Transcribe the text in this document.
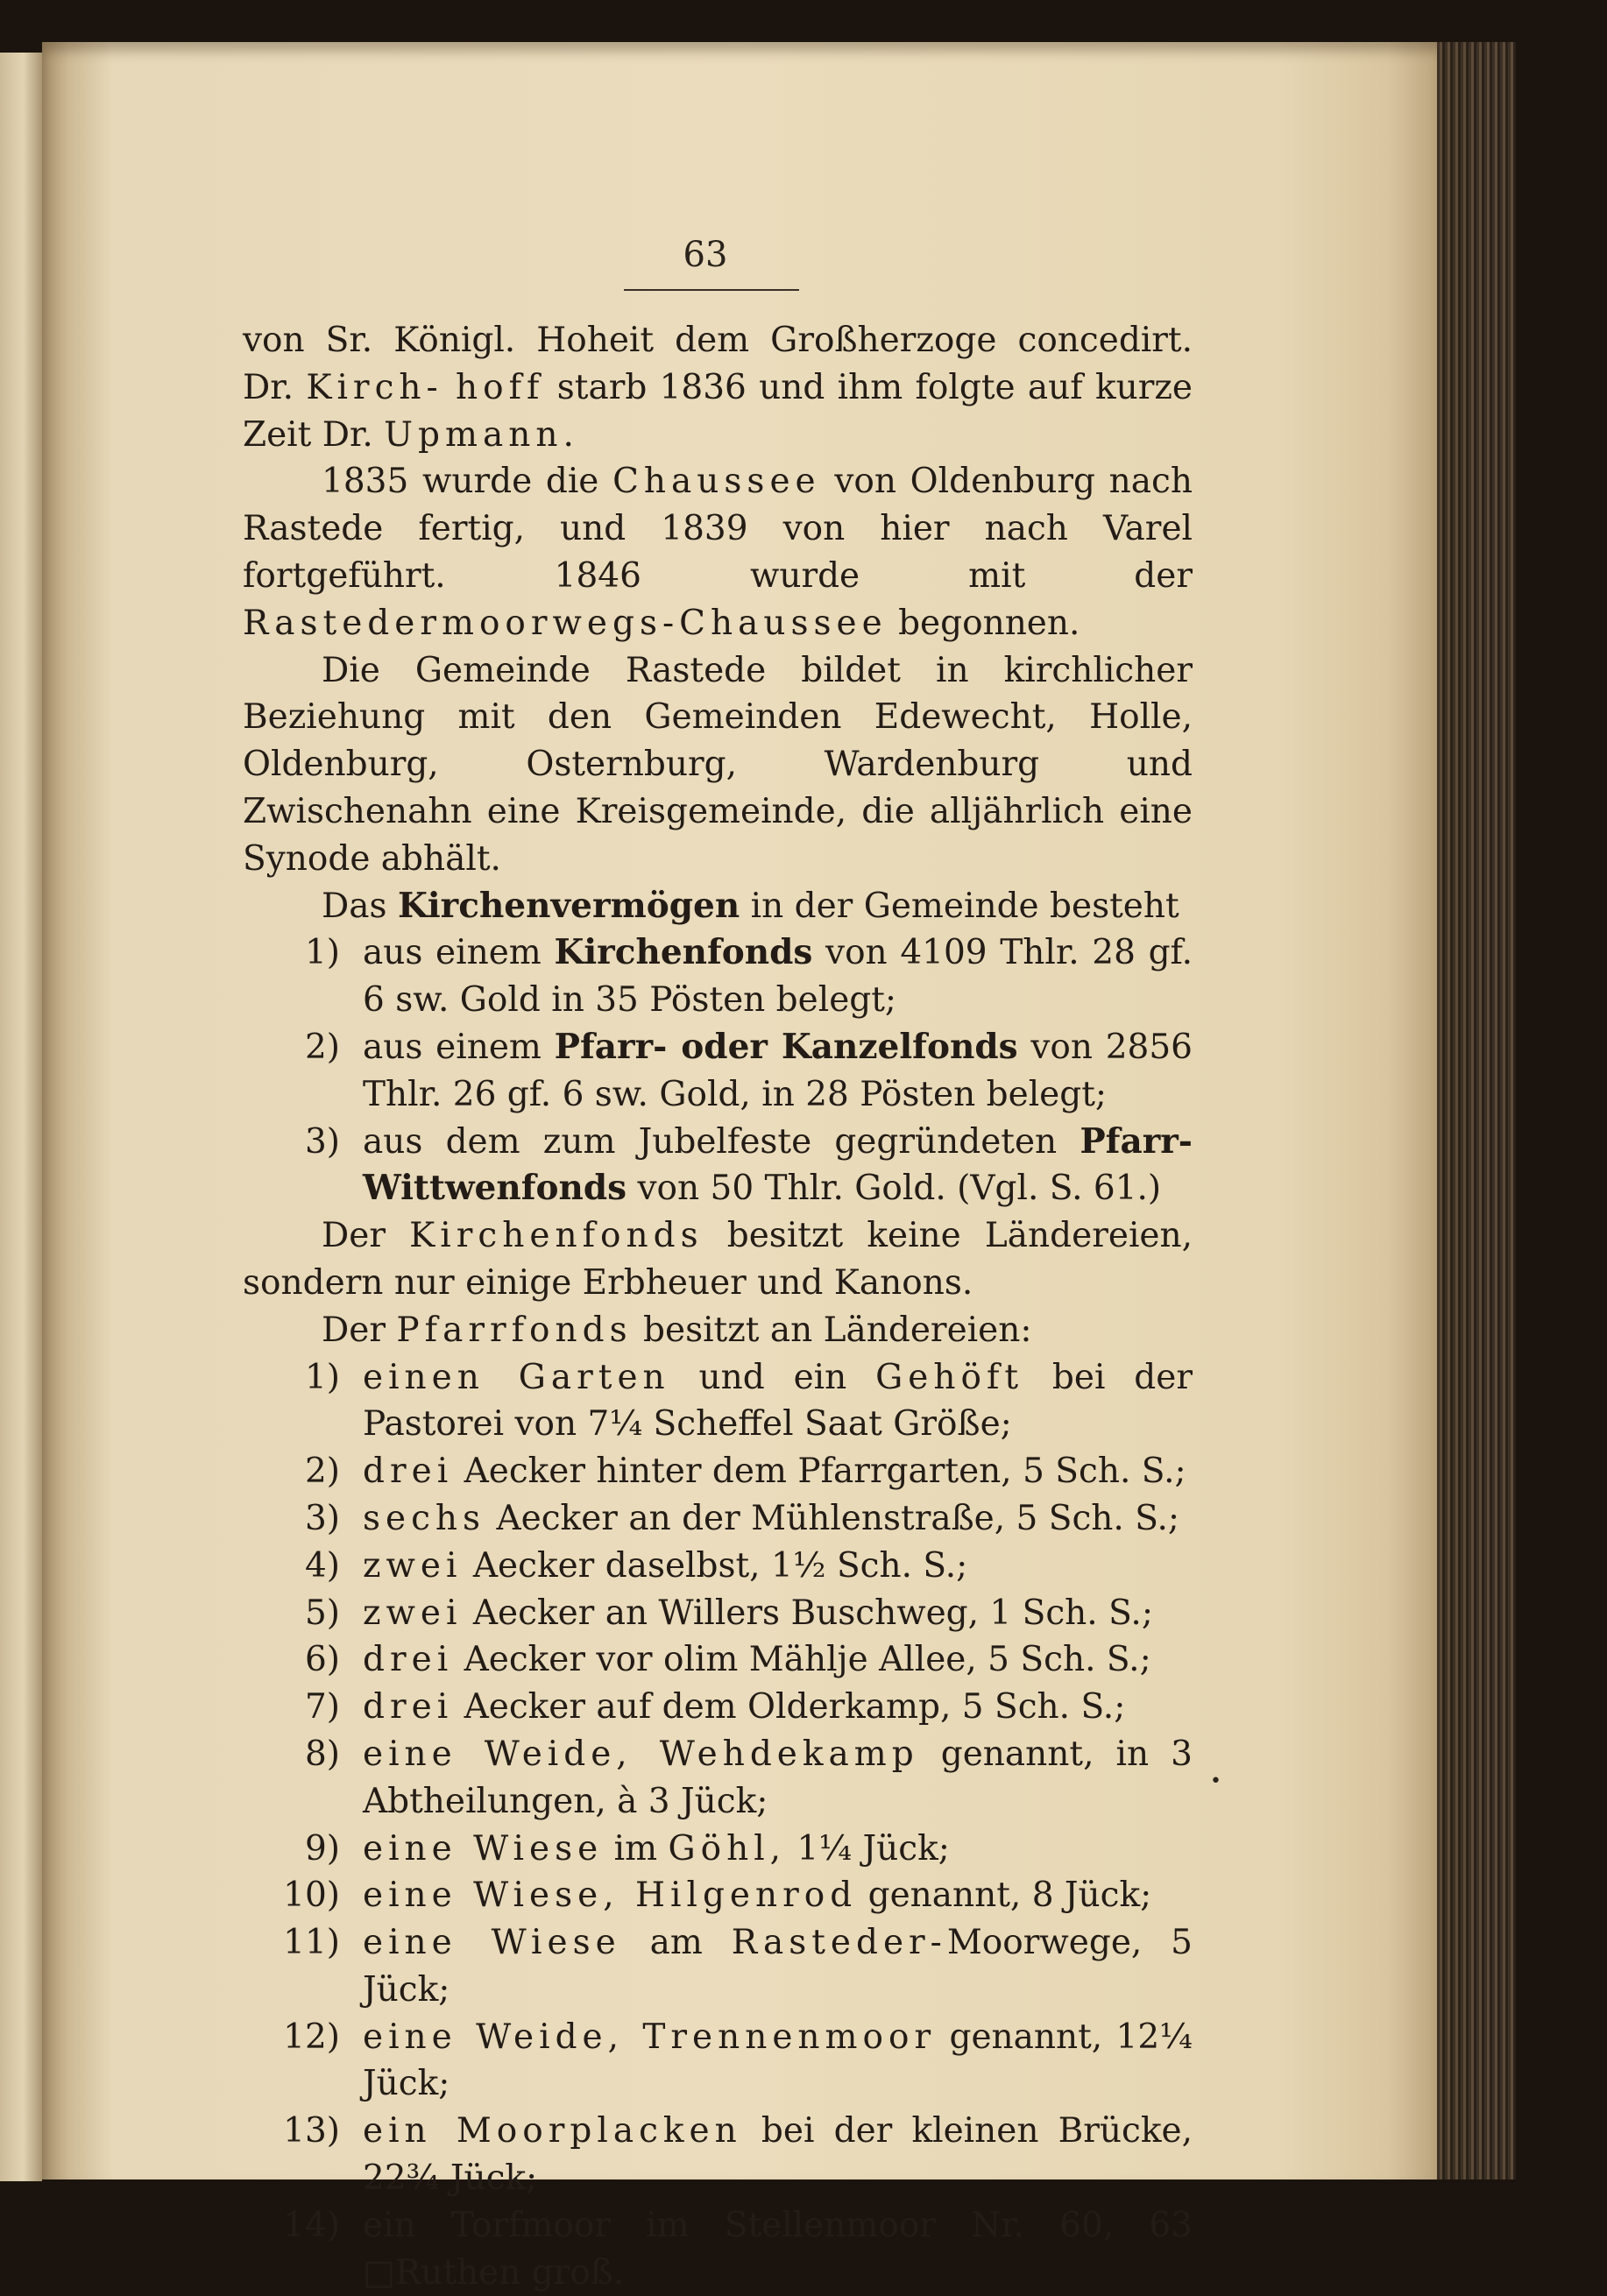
63

von Sr. Königl. Hoheit dem Großherzoge concedirt. Dr. Kirch- hoff starb 1836 und ihm folgte auf kurze Zeit Dr. Upmann.

1835 wurde die Chaussee von Oldenburg nach Rastede fertig, und 1839 von hier nach Varel fortgeführt. 1846 wurde mit der Rastedermoorwegs-Chaussee begonnen.

Die Gemeinde Rastede bildet in kirchlicher Beziehung mit den Gemeinden Edewecht, Holle, Oldenburg, Osternburg, Wardenburg und Zwischenahn eine Kreisgemeinde, die alljährlich eine Synode abhält.

Das Kirchenvermögen in der Gemeinde besteht

1) aus einem Kirchenfonds von 4109 Thlr. 28 gf. 6 sw. Gold in 35 Pösten belegt;

2) aus einem Pfarr- oder Kanzelfonds von 2856 Thlr. 26 gf. 6 sw. Gold, in 28 Pösten belegt;

3) aus dem zum Jubelfeste gegründeten Pfarr-Wittwenfonds von 50 Thlr. Gold. (Vgl. S. 61.)

Der Kirchenfonds besitzt keine Ländereien, sondern nur einige Erbheuer und Kanons.

Der Pfarrfonds besitzt an Ländereien:

1) einen Garten und ein Gehöft bei der Pastorei von 7¼ Scheffel Saat Größe;

2) drei Aecker hinter dem Pfarrgarten, 5 Sch. S.;

3) sechs Aecker an der Mühlenstraße, 5 Sch. S.;

4) zwei Aecker daselbst, 1½ Sch. S.;

5) zwei Aecker an Willers Buschweg, 1 Sch. S.;

6) drei Aecker vor olim Mählje Allee, 5 Sch. S.;

7) drei Aecker auf dem Olderkamp, 5 Sch. S.;

8) eine Weide, Wehdekamp genannt, in 3 Abtheilungen, à 3 Jück;

9) eine Wiese im Göhl, 1¼ Jück;

10) eine Wiese, Hilgenrod genannt, 8 Jück;

11) eine Wiese am Rasteder-Moorwege, 5 Jück;

12) eine Weide, Trennenmoor genannt, 12¼ Jück;

13) ein Moorplacken bei der kleinen Brücke, 22¾ Jück;

14) ein Torfmoor im Stellenmoor Nr. 60, 63 □Ruthen groß.

•
